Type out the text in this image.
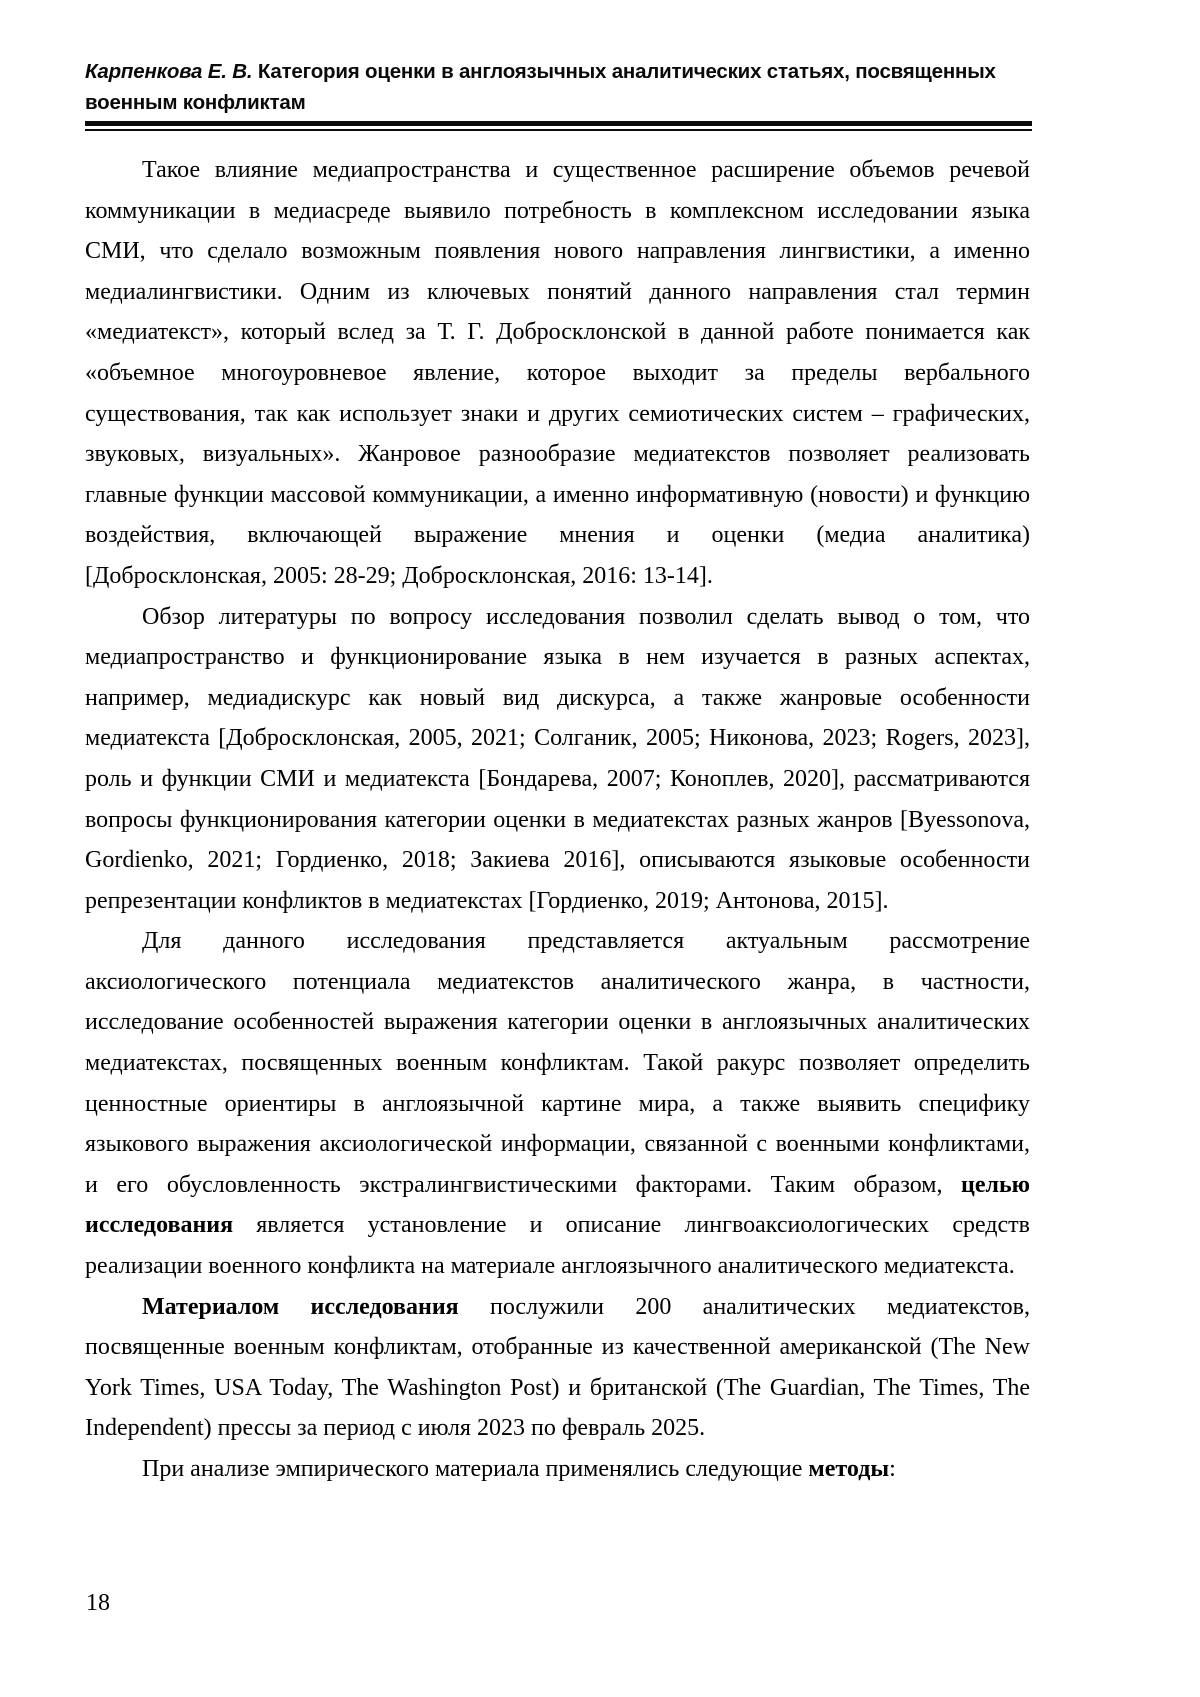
Карпенкова Е. В. Категория оценки в англоязычных аналитических статьях, посвященных военным конфликтам

Такое влияние медиапространства и существенное расширение объемов речевой коммуникации в медиасреде выявило потребность в комплексном исследовании языка СМИ, что сделало возможным появления нового направления лингвистики, а именно медиалингвистики. Одним из ключевых понятий данного направления стал термин «медиатекст», который вслед за Т. Г. Добросклонской в данной работе понимается как «объемное многоуровневое явление, которое выходит за пределы вербального существования, так как использует знаки и других семиотических систем – графических, звуковых, визуальных». Жанровое разнообразие медиатекстов позволяет реализовать главные функции массовой коммуникации, а именно информативную (новости) и функцию воздействия, включающей выражение мнения и оценки (медиа аналитика) [Добросклонская, 2005: 28-29; Добросклонская, 2016: 13-14].

Обзор литературы по вопросу исследования позволил сделать вывод о том, что медиапространство и функционирование языка в нем изучается в разных аспектах, например, медиадискурс как новый вид дискурса, а также жанровые особенности медиатекста [Добросклонская, 2005, 2021; Солганик, 2005; Никонова, 2023; Rogers, 2023], роль и функции СМИ и медиатекста [Бондарева, 2007; Коноплев, 2020], рассматриваются вопросы функционирования категории оценки в медиатекстах разных жанров [Byessonova, Gordienko, 2021; Гордиенко, 2018; Закиева 2016], описываются языковые особенности репрезентации конфликтов в медиатекстах [Гордиенко, 2019; Антонова, 2015].

Для данного исследования представляется актуальным рассмотрение аксиологического потенциала медиатекстов аналитического жанра, в частности, исследование особенностей выражения категории оценки в англоязычных аналитических медиатекстах, посвященных военным конфликтам. Такой ракурс позволяет определить ценностные ориентиры в англоязычной картине мира, а также выявить специфику языкового выражения аксиологической информации, связанной с военными конфликтами, и его обусловленность экстралингвистическими факторами. Таким образом, целью исследования является установление и описание лингвоаксиологических средств реализации военного конфликта на материале англоязычного аналитического медиатекста.

Материалом исследования послужили 200 аналитических медиатекстов, посвященные военным конфликтам, отобранные из качественной американской (The New York Times, USA Today, The Washington Post) и британской (The Guardian, The Times, The Independent) прессы за период с июля 2023 по февраль 2025.

При анализе эмпирического материала применялись следующие методы:

18
